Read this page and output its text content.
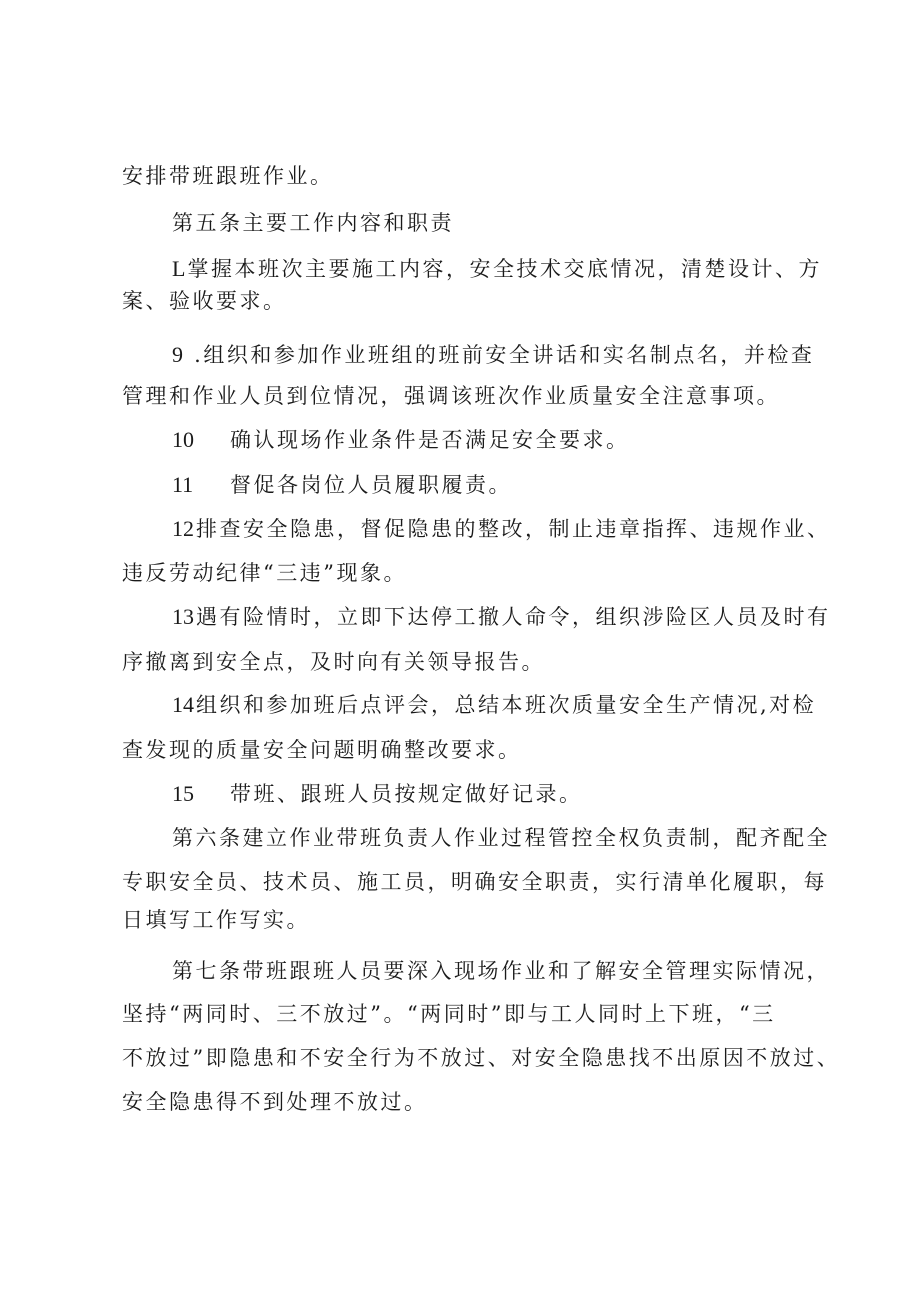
安排带班跟班作业。
第五条主要工作内容和职责
L掌握本班次主要施工内容，安全技术交底情况，清楚设计、方
案、验收要求。
9 .组织和参加作业班组的班前安全讲话和实名制点名，并检查
管理和作业人员到位情况，强调该班次作业质量安全注意事项。
10 确认现场作业条件是否满足安全要求。
11 督促各岗位人员履职履责。
12排查安全隐患，督促隐患的整改，制止违章指挥、违规作业、
违反劳动纪律“三违”现象。
13遇有险情时，立即下达停工撤人命令，组织涉险区人员及时有
序撤离到安全点，及时向有关领导报告。
14组织和参加班后点评会，总结本班次质量安全生产情况,对检
查发现的质量安全问题明确整改要求。
15 带班、跟班人员按规定做好记录。
第六条建立作业带班负责人作业过程管控全权负责制，配齐配全
专职安全员、技术员、施工员，明确安全职责，实行清单化履职，每
日填写工作写实。
第七条带班跟班人员要深入现场作业和了解安全管理实际情况，
坚持“两同时、三不放过”。“两同时”即与工人同时上下班，“三
不放过”即隐患和不安全行为不放过、对安全隐患找不出原因不放过、
安全隐患得不到处理不放过。
